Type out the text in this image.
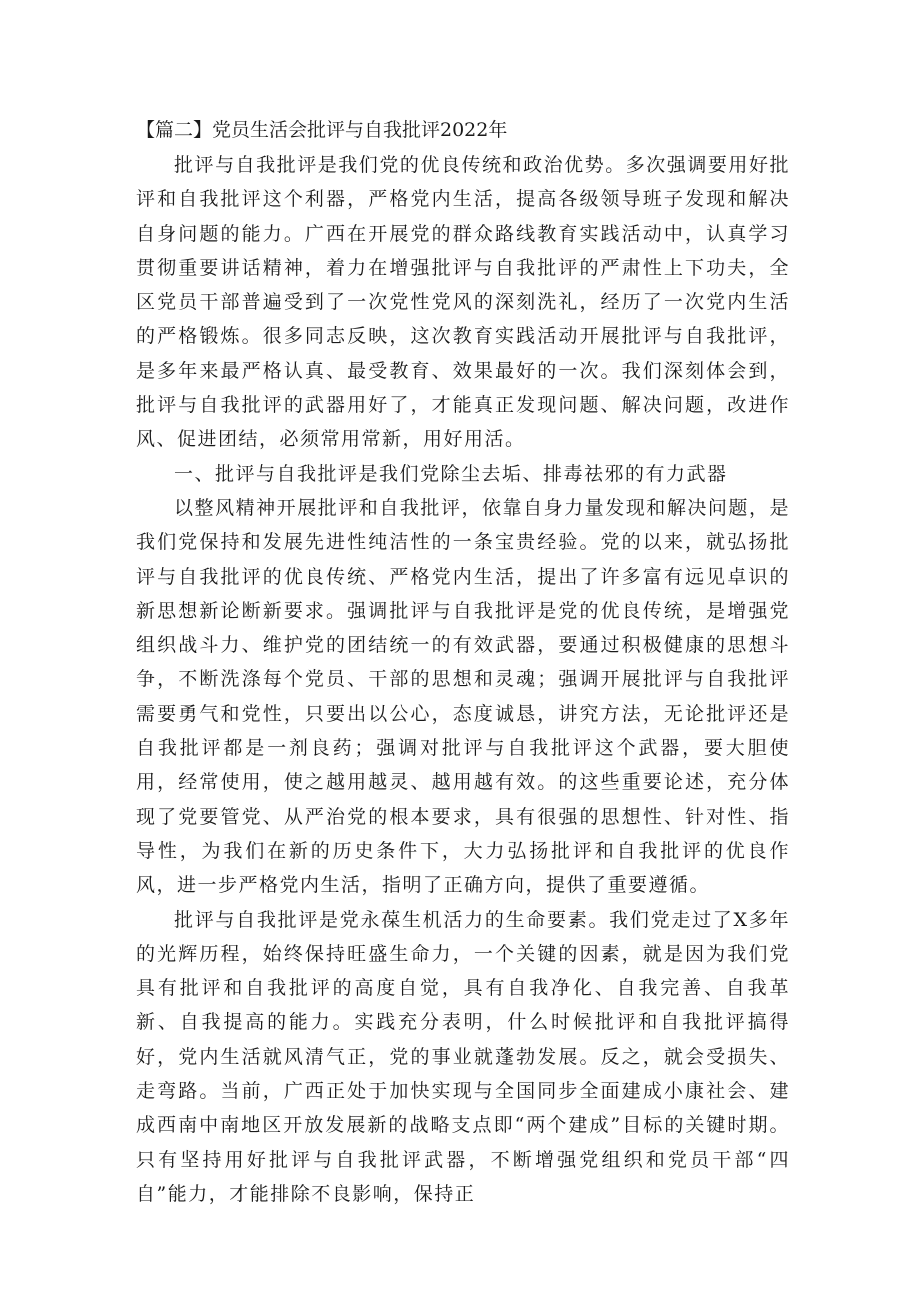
【篇二】党员生活会批评与自我批评2022年

批评与自我批评是我们党的优良传统和政治优势。多次强调要用好批评和自我批评这个利器，严格党内生活，提高各级领导班子发现和解决自身问题的能力。广西在开展党的群众路线教育实践活动中，认真学习贯彻重要讲话精神，着力在增强批评与自我批评的严肃性上下功夫，全区党员干部普遍受到了一次党性党风的深刻洗礼，经历了一次党内生活的严格锻炼。很多同志反映，这次教育实践活动开展批评与自我批评，是多年来最严格认真、最受教育、效果最好的一次。我们深刻体会到，批评与自我批评的武器用好了，才能真正发现问题、解决问题，改进作风、促进团结，必须常用常新，用好用活。

一、批评与自我批评是我们党除尘去垢、排毒祛邪的有力武器

以整风精神开展批评和自我批评，依靠自身力量发现和解决问题，是我们党保持和发展先进性纯洁性的一条宝贵经验。党的以来，就弘扬批评与自我批评的优良传统、严格党内生活，提出了许多富有远见卓识的新思想新论断新要求。强调批评与自我批评是党的优良传统，是增强党组织战斗力、维护党的团结统一的有效武器，要通过积极健康的思想斗争，不断洗涤每个党员、干部的思想和灵魂；强调开展批评与自我批评需要勇气和党性，只要出以公心，态度诚恳，讲究方法，无论批评还是自我批评都是一剂良药；强调对批评与自我批评这个武器，要大胆使用，经常使用，使之越用越灵、越用越有效。的这些重要论述，充分体现了党要管党、从严治党的根本要求，具有很强的思想性、针对性、指导性，为我们在新的历史条件下，大力弘扬批评和自我批评的优良作风，进一步严格党内生活，指明了正确方向，提供了重要遵循。

批评与自我批评是党永葆生机活力的生命要素。我们党走过了X多年的光辉历程，始终保持旺盛生命力，一个关键的因素，就是因为我们党具有批评和自我批评的高度自觉，具有自我净化、自我完善、自我革新、自我提高的能力。实践充分表明，什么时候批评和自我批评搞得好，党内生活就风清气正，党的事业就蓬勃发展。反之，就会受损失、走弯路。当前，广西正处于加快实现与全国同步全面建成小康社会、建成西南中南地区开放发展新的战略支点即“两个建成”目标的关键时期。只有坚持用好批评与自我批评武器，不断增强党组织和党员干部“四自”能力，才能排除不良影响，保持正
